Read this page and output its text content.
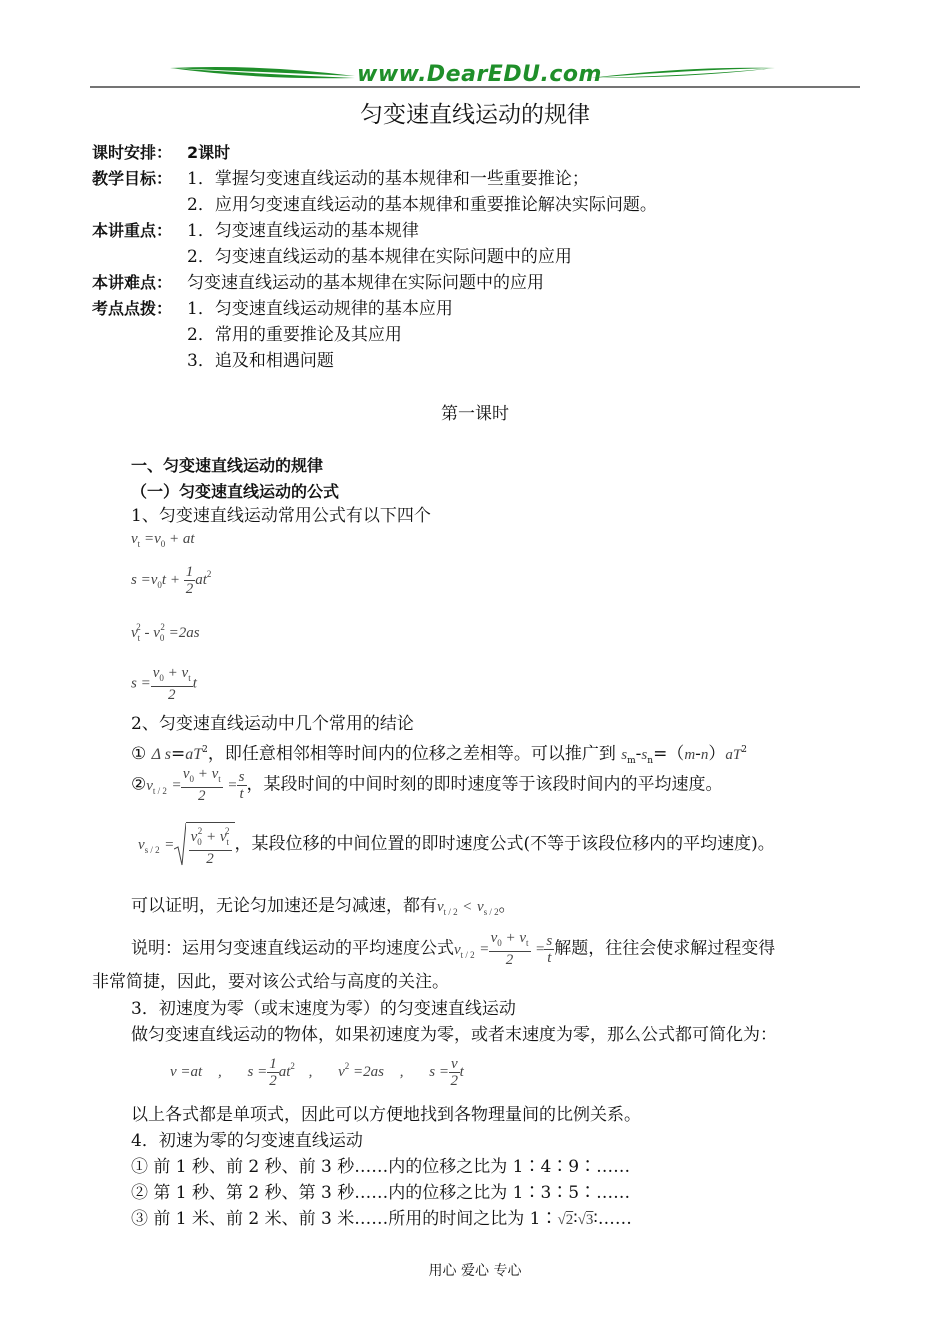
www.DearEDU.com
匀变速直线运动的规律
课时安排： 2课时
教学目标： 1．掌握匀变速直线运动的基本规律和一些重要推论；
2．应用匀变速直线运动的基本规律和重要推论解决实际问题。
本讲重点： 1．匀变速直线运动的基本规律
2．匀变速直线运动的基本规律在实际问题中的应用
本讲难点： 匀变速直线运动的基本规律在实际问题中的应用
考点点拨： 1．匀变速直线运动规律的基本应用
2．常用的重要推论及其应用
3．追及和相遇问题
第一课时
一、匀变速直线运动的规律
（一）匀变速直线运动的公式
1、匀变速直线运动常用公式有以下四个
$v_t =v_0$ + at
$s =v_0t + \frac{1}{2} at^2$
$v_t^2 - v_0^2 =2as$
$s = \frac{v_0 + v_t}{2}$ t
2、匀变速直线运动中几个常用的结论
① Δ $s=aT^2$，即任意相邻相等时间内的位移之差相等。可以推广到 $s_m-s_n=(m-n)aT^2$
$②v_{t / 2} = \frac{v_0 + v_t}{2} = \frac{s}{t}$ ，某段时间的中间时刻的即时速度等于该段时间内的平均速度。
$v_{s / 2} = \frac{v_0^2 + v_t^2}{2}$ ，某段位移的中间位置的即时速度公式(不等于该段位移内的平均速度)。
可以证明，无论匀加速还是匀减速，都有$v_{t / 2} < v_{s / 2}$。
说明：运用匀变速直线运动的平均速度公式$v_{t / 2} = \frac{v_0 + v_t}{2} = \frac{s}{t}$ 解题，往往会使求解过程变得
非常简捷，因此，要对该公式给与高度的关注。
3．初速度为零（或末速度为零）的匀变速直线运动
做匀变速直线运动的物体，如果初速度为零，或者末速度为零，那么公式都可简化为：
v =at , $s = \frac{1}{2} at^2$ , $v^2 =2as$ , $s = \frac{v}{2}$ t
以上各式都是单项式，因此可以方便地找到各物理量间的比例关系。
4．初速为零的匀变速直线运动
① 前 1 秒、前 2 秒、前 3 秒……内的位移之比为 1∶4∶9∶……
② 第 1 秒、第 2 秒、第 3 秒……内的位移之比为 1∶3∶5∶……
③ 前 1 米、前 2 米、前 3 米……所用的时间之比为 1∶√2∶√3∶……
用心 爱心 专心
